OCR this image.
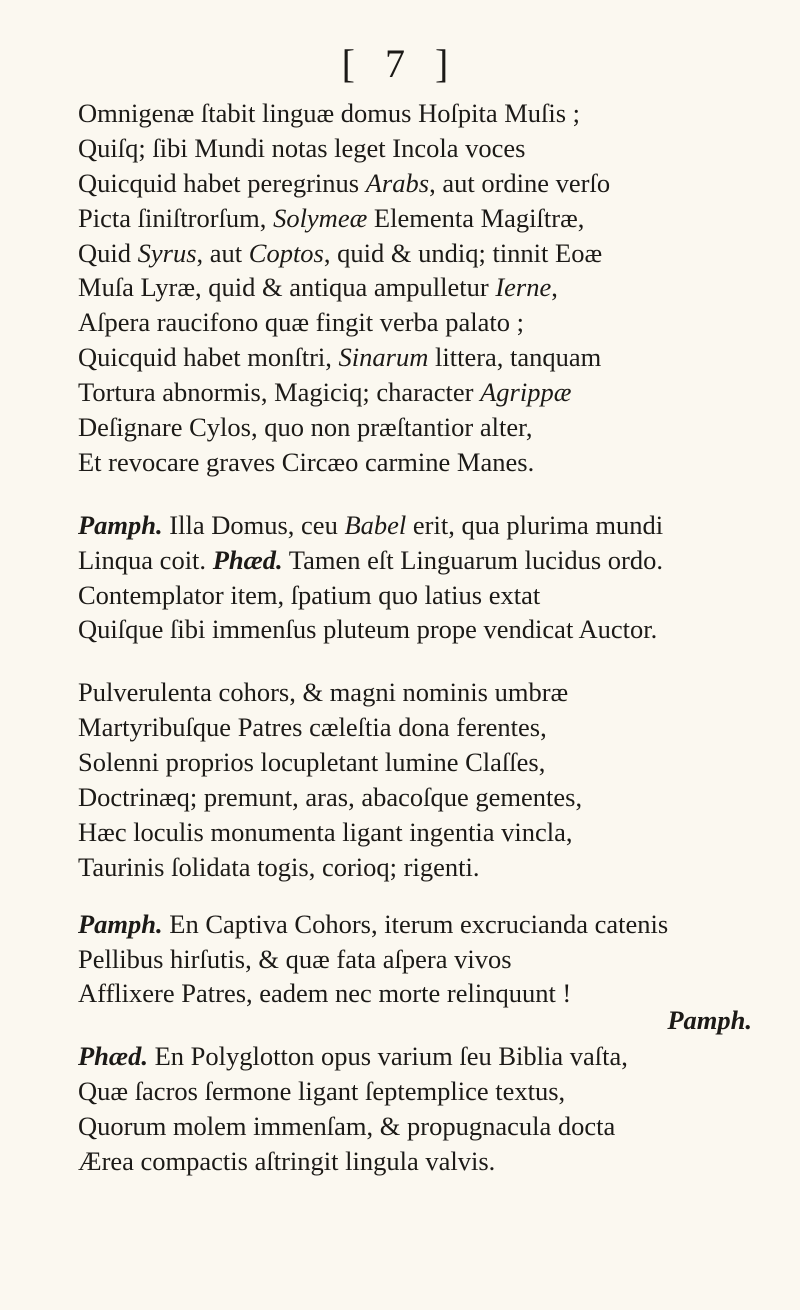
[ 7 ]
Omnigenæ ſtabit linguæ domus Hoſpita Muſis ;
Quiſq; ſibi Mundi notas leget Incola voces
Quicquid habet peregrinus Arabs, aut ordine verſo
Picta ſiniſtrorſum, Solymeæ Elementa Magiſtræ,
Quid Syrus, aut Coptos, quid & undiq; tinnit Eoæ
Muſa Lyræ, quid & antiqua ampulletur Ierne,
Aſpera raucifono quæ fingit verba palato ;
Quicquid habet monſtri, Sinarum littera, tanquam
Tortura abnormis, Magiciq; character Agrippæ
Deſignare Cylos, quo non præſtantior alter,
Et revocare graves Circæo carmine Manes.
Pamph. Illa Domus, ceu Babel erit, qua plurima mundi
Linqua coit. Phæd. Tamen eſt Linguarum lucidus ordo.
Contemplator item, ſpatium quo latius extat
Quiſque ſibi immenſus pluteum prope vendicat Auctor.
Pulverulenta cohors, & magni nominis umbræ
Martyribuſque Patres cæleſtia dona ferentes,
Solenni proprios locupletant lumine Claſſes,
Doctrinæq; premunt, aras, abacoſque gementes,
Hæc loculis monumenta ligant ingentia vincla,
Taurinis ſolidata togis, corioq; rigenti.
Pamph. En Captiva Cohors, iterum excrucianda catenis
Pellibus hirſutis, & quæ fata aſpera vivos
Afflixere Patres, eadem nec morte relinquunt !
Phæd. En Polyglotton opus varium ſeu Biblia vaſta,
Quæ ſacros ſermone ligant ſeptemplice textus,
Quorum molem immenſam, & propugnacula docta
Ærea compactis aſtringit lingula valvis.
Pamph.
